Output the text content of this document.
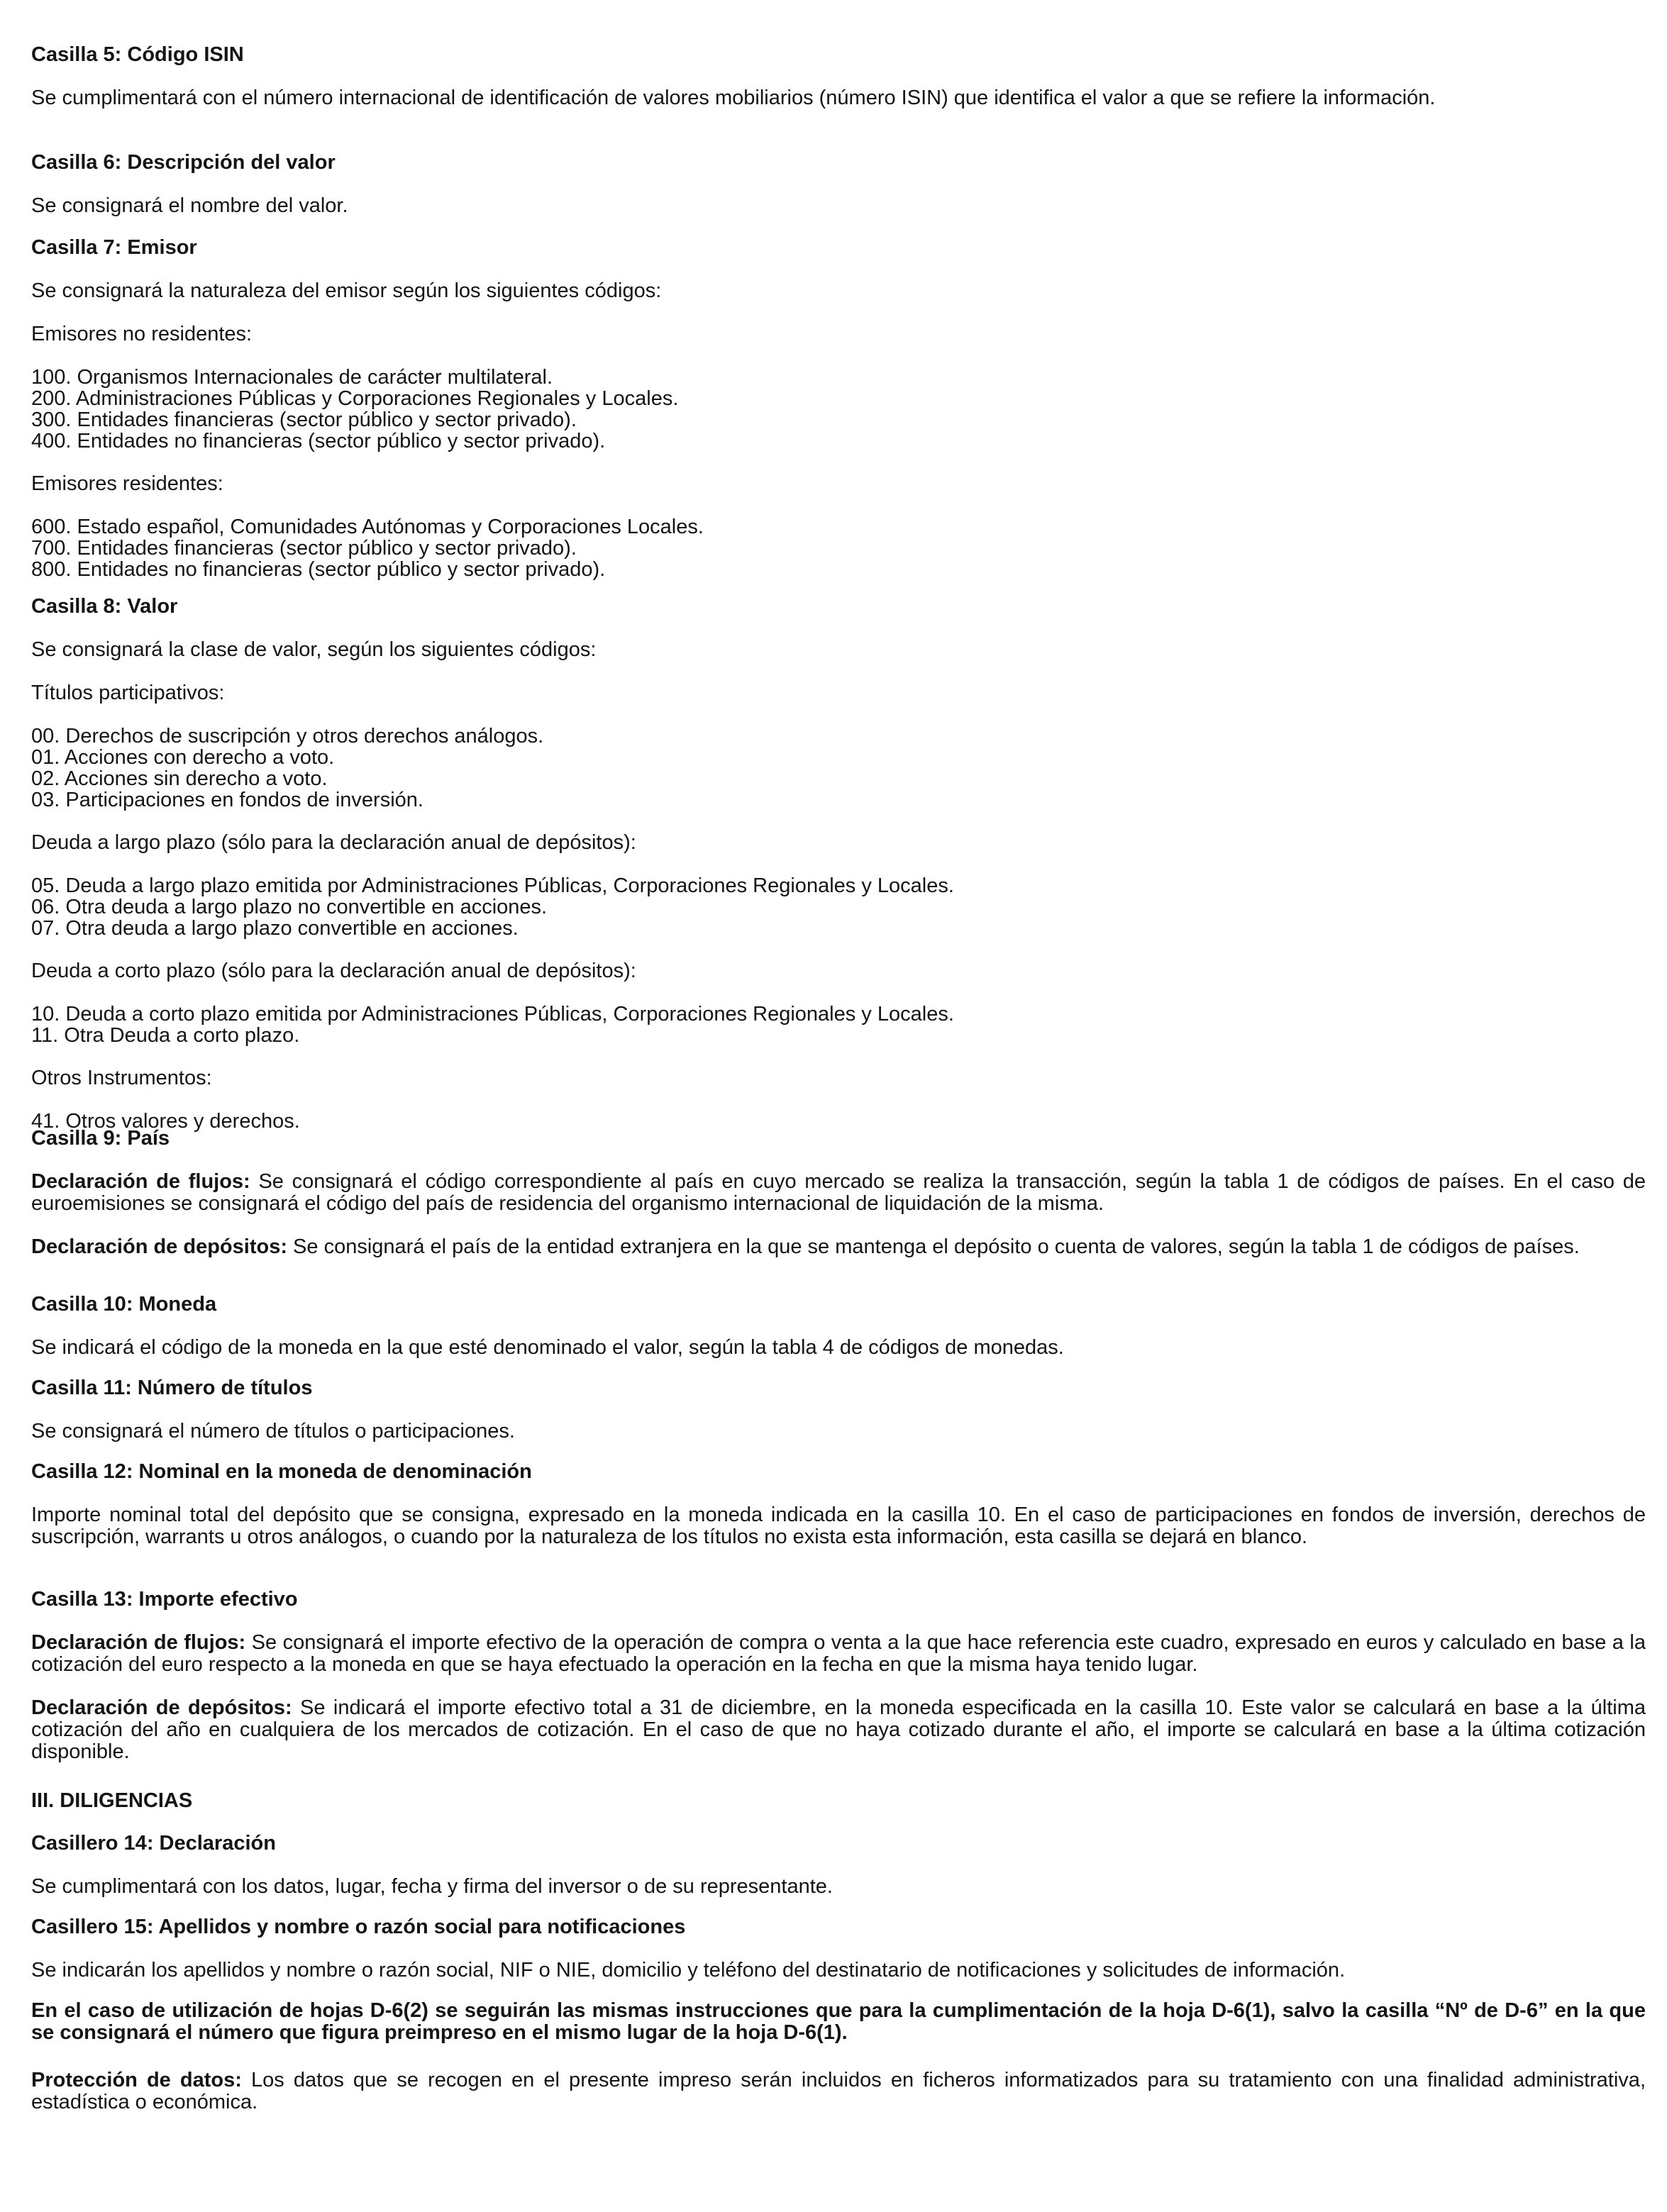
Casilla 5: Código ISIN

Se cumplimentará con el número internacional de identificación de valores mobiliarios (número ISIN) que identifica el valor a que se refiere la información.

Casilla 6: Descripción del valor

Se consignará el nombre del valor.

Casilla 7: Emisor

Se consignará la naturaleza del emisor según los siguientes códigos:

Emisores no residentes:

100. Organismos Internacionales de carácter multilateral.
200. Administraciones Públicas y Corporaciones Regionales y Locales.
300. Entidades financieras (sector público y sector privado).
400. Entidades no financieras (sector público y sector privado).

Emisores residentes:

600. Estado español, Comunidades Autónomas y Corporaciones Locales.
700. Entidades financieras (sector público y sector privado).
800. Entidades no financieras (sector público y sector privado).
Casilla 8: Valor

Se consignará la clase de valor, según los siguientes códigos:

Títulos participativos:

00. Derechos de suscripción y otros derechos análogos.
01. Acciones con derecho a voto.
02. Acciones sin derecho a voto.
03. Participaciones en fondos de inversión.

Deuda a largo plazo (sólo para la declaración anual de depósitos):

05. Deuda a largo plazo emitida por Administraciones Públicas, Corporaciones Regionales y Locales.
06. Otra deuda a largo plazo no convertible en acciones.
07. Otra deuda a largo plazo convertible en acciones.

Deuda a corto plazo (sólo para la declaración anual de depósitos):

10. Deuda a corto plazo emitida por Administraciones Públicas, Corporaciones Regionales y Locales.
11. Otra Deuda a corto plazo.

Otros Instrumentos:

41. Otros valores y derechos.
Casilla 9: País

Declaración de flujos: Se consignará el código correspondiente al país en cuyo mercado se realiza la transacción, según la tabla 1 de códigos de países. En el caso de euroemisiones se consignará el código del país de residencia del organismo internacional de liquidación de la misma.

Declaración de depósitos: Se consignará el país de la entidad extranjera en la que se mantenga el depósito o cuenta de valores, según la tabla 1 de códigos de países.

Casilla 10: Moneda

Se indicará el código de la moneda en la que esté denominado el valor, según la tabla 4 de códigos de monedas.

Casilla 11: Número de títulos

Se consignará el número de títulos o participaciones.

Casilla 12: Nominal en la moneda de denominación

Importe nominal total del depósito que se consigna, expresado en la moneda indicada en la casilla 10. En el caso de participaciones en fondos de inversión, derechos de suscripción, warrants u otros análogos, o cuando por la naturaleza de los títulos no exista esta información, esta casilla se dejará en blanco.

Casilla 13: Importe efectivo

Declaración de flujos: Se consignará el importe efectivo de la operación de compra o venta a la que hace referencia este cuadro, expresado en euros y calculado en base a la cotización del euro respecto a la moneda en que se haya efectuado la operación en la fecha en que la misma haya tenido lugar.

Declaración de depósitos: Se indicará el importe efectivo total a 31 de diciembre, en la moneda especificada en la casilla 10. Este valor se calculará en base a la última cotización del año en cualquiera de los mercados de cotización. En el caso de que no haya cotizado durante el año, el importe se calculará en base a la última cotización disponible.

III. DILIGENCIAS
Casillero 14: Declaración

Se cumplimentará con los datos, lugar, fecha y firma del inversor o de su representante.

Casillero 15: Apellidos y nombre o razón social para notificaciones

Se indicarán los apellidos y nombre o razón social, NIF o NIE, domicilio y teléfono del destinatario de notificaciones y solicitudes de información.

En el caso de utilización de hojas D-6(2) se seguirán las mismas instrucciones que para la cumplimentación de la hoja D-6(1), salvo la casilla “Nº de D-6” en la que se consignará el número que figura preimpreso en el mismo lugar de la hoja D-6(1).

Protección de datos: Los datos que se recogen en el presente impreso serán incluidos en ficheros informatizados para su tratamiento con una finalidad administrativa, estadística o económica.
